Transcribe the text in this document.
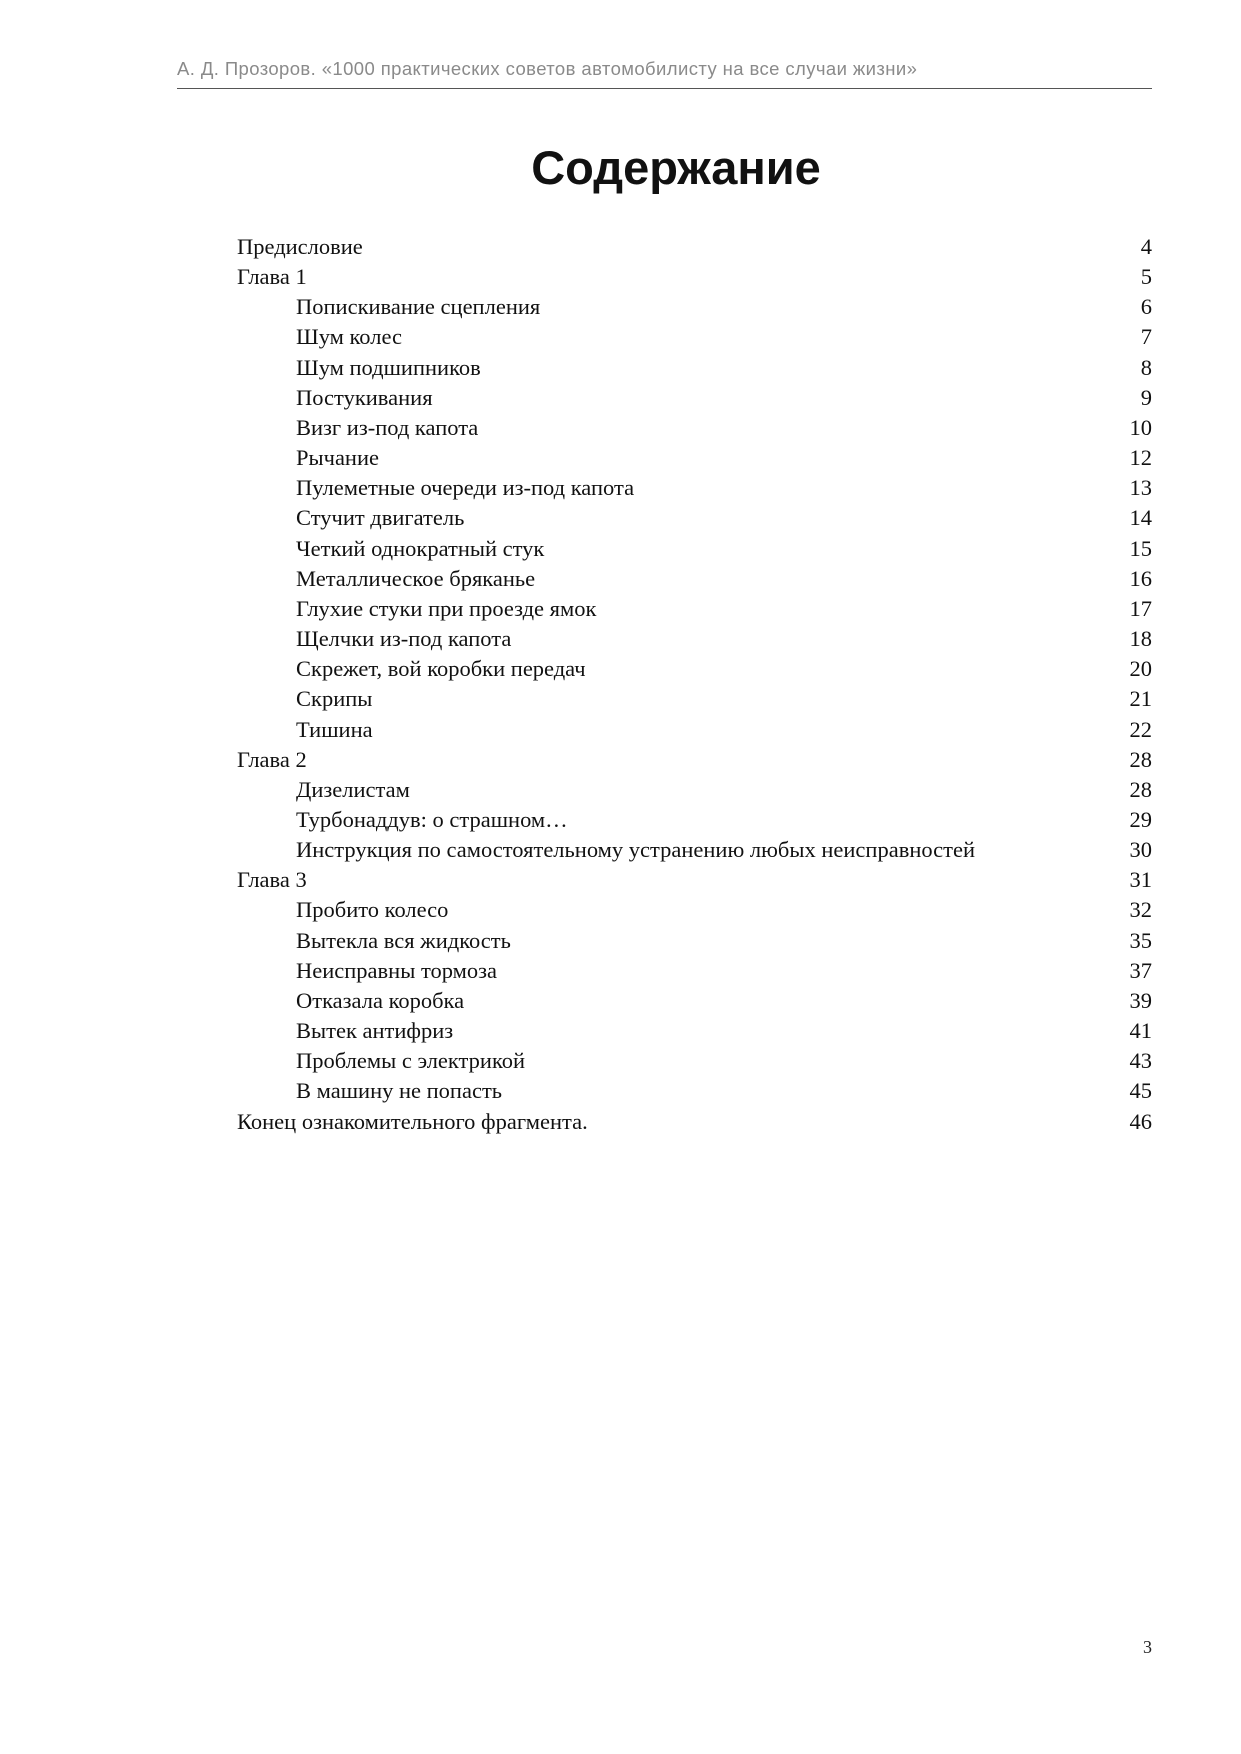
А. Д. Прозоров. «1000 практических советов автомобилисту на все случаи жизни»
Содержание
Предисловие	4
Глава 1	5
Попискивание сцепления	6
Шум колес	7
Шум подшипников	8
Постукивания	9
Визг из-под капота	10
Рычание	12
Пулеметные очереди из-под капота	13
Стучит двигатель	14
Четкий однократный стук	15
Металлическое бряканье	16
Глухие стуки при проезде ямок	17
Щелчки из-под капота	18
Скрежет, вой коробки передач	20
Скрипы	21
Тишина	22
Глава 2	28
Дизелистам	28
Турбонаддув: о страшном…	29
Инструкция по самостоятельному устранению любых неисправностей	30
Глава 3	31
Пробито колесо	32
Вытекла вся жидкость	35
Неисправны тормоза	37
Отказала коробка	39
Вытек антифриз	41
Проблемы с электрикой	43
В машину не попасть	45
Конец ознакомительного фрагмента.	46
3
